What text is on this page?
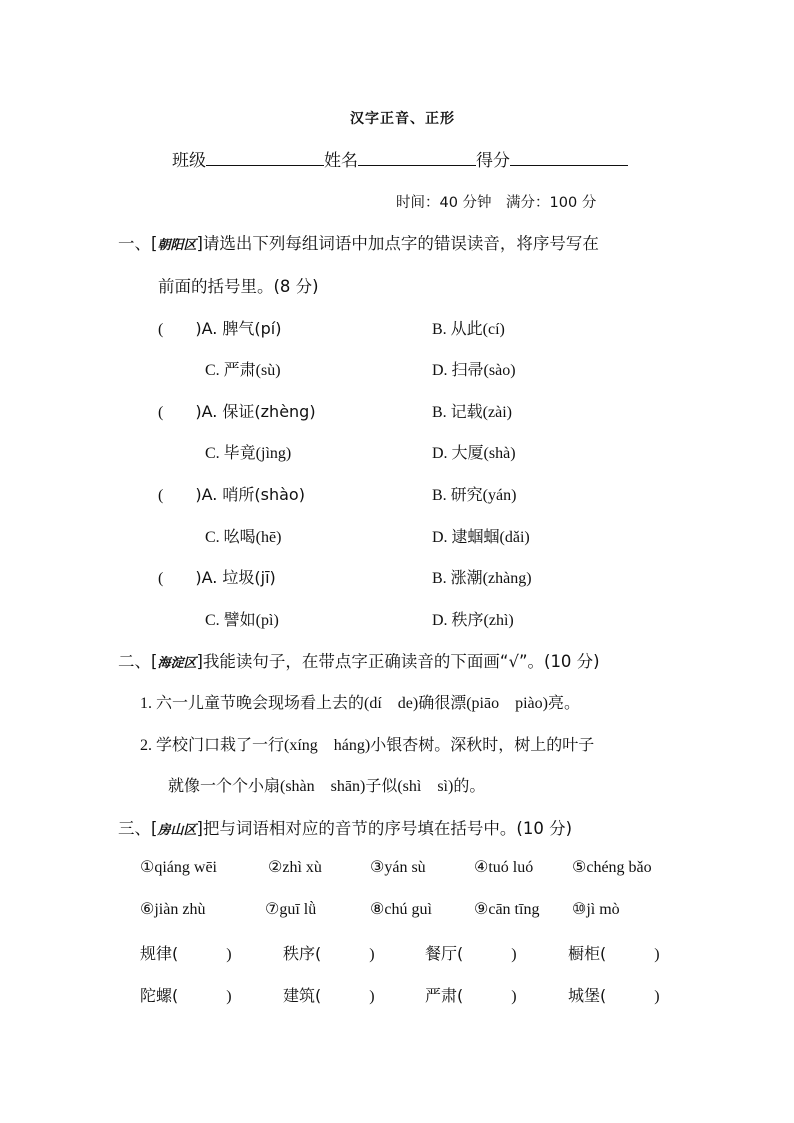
汉字正音、正形
班级	姓名	得分
时间：40 分钟　满分：100 分
一、[朝阳区]请选出下列每组词语中加点字的错误读音，将序号写在
前面的括号里。(8 分)
( )A. 脾气(pí)	B. 从此(cí)
C. 严肃(sù)	D. 扫帚(sào)
( )A. 保证(zhèng)	B. 记载(zài)
C. 毕竟(jìng)	D. 大厦(shà)
( )A. 哨所(shào)	B. 研究(yán)
C. 吆喝(hē)	D. 逮蝈蝈(dǎi)
( )A. 垃圾(jī)	B. 涨潮(zhàng)
C. 譬如(pì)	D. 秩序(zhì)
二、[海淀区]我能读句子，在带点字正确读音的下面画“√”。(10 分)
1. 六一儿童节晚会现场看上去的(dí　de)确很漂(piāo　piào)亮。
2. 学校门口栽了一行(xíng　háng)小银杏树。深秋时，树上的叶子
就像一个个小扇(shàn　shān)子似(shì　sì)的。
三、[房山区]把与词语相对应的音节的序号填在括号中。(10 分)
①qiáng wēi	②zhì xù	③yán sù	④tuó luó ⑤chéng bǎo
⑥jiàn zhù	⑦guī lǜ	⑧chú guì	⑨cān tīng ⑩jì mò
规律(	)	秩序(	)	餐厅(	)	橱柜(	)
陀螺(	)	建筑(	)	严肃(	)	城堡(	)
